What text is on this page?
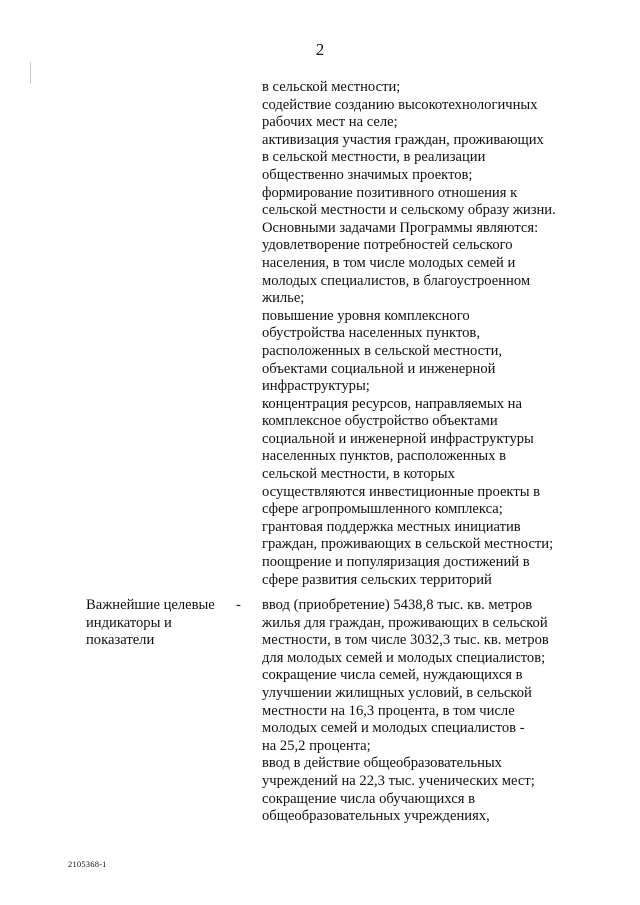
2
в сельской местности;
содействие созданию высокотехнологичных
рабочих мест на селе;
активизация участия граждан, проживающих
в сельской местности, в реализации
общественно значимых проектов;
формирование позитивного отношения к
сельской местности и сельскому образу жизни.
Основными задачами Программы являются:
удовлетворение потребностей сельского
населения, в том числе молодых семей и
молодых специалистов, в благоустроенном
жилье;
повышение уровня комплексного
обустройства населенных пунктов,
расположенных в сельской местности,
объектами социальной и инженерной
инфраструктуры;
концентрация ресурсов, направляемых на
комплексное обустройство объектами
социальной и инженерной инфраструктуры
населенных пунктов, расположенных в
сельской местности, в которых
осуществляются инвестиционные проекты в
сфере агропромышленного комплекса;
грантовая поддержка местных инициатив
граждан, проживающих в сельской местности;
поощрение и популяризация достижений в
сфере развития сельских территорий
Важнейшие целевые
индикаторы и
показатели
- ввод (приобретение) 5438,8 тыс. кв. метров
жилья для граждан, проживающих в сельской
местности, в том числе 3032,3 тыс. кв. метров
для молодых семей и молодых специалистов;
сокращение числа семей, нуждающихся в
улучшении жилищных условий, в сельской
местности на 16,3 процента, в том числе
молодых семей и молодых специалистов -
на 25,2 процента;
ввод в действие общеобразовательных
учреждений на 22,3 тыс. ученических мест;
сокращение числа обучающихся в
общеобразовательных учреждениях,
2105368-1
